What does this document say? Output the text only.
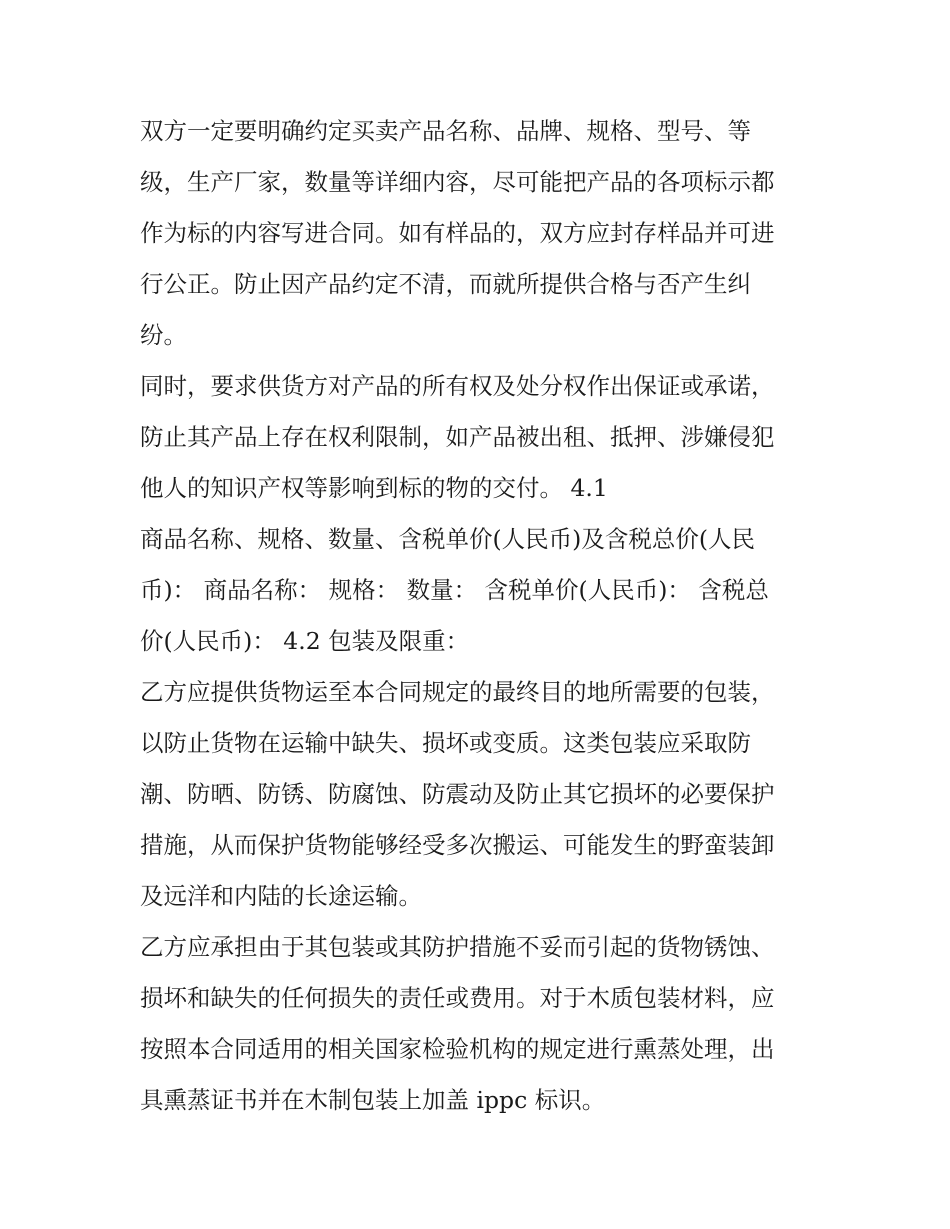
双方一定要明确约定买卖产品名称、品牌、规格、型号、等
级，生产厂家，数量等详细内容，尽可能把产品的各项标示都
作为标的内容写进合同。如有样品的，双方应封存样品并可进
行公正。防止因产品约定不清，而就所提供合格与否产生纠
纷。
同时，要求供货方对产品的所有权及处分权作出保证或承诺，
防止其产品上存在权利限制，如产品被出租、抵押、涉嫌侵犯
他人的知识产权等影响到标的物的交付。 4.1
商品名称、规格、数量、含税单价(人民币)及含税总价(人民
币)： 商品名称： 规格： 数量： 含税单价(人民币)： 含税总
价(人民币)： 4.2 包装及限重：
乙方应提供货物运至本合同规定的最终目的地所需要的包装，
以防止货物在运输中缺失、损坏或变质。这类包装应采取防
潮、防晒、防锈、防腐蚀、防震动及防止其它损坏的必要保护
措施，从而保护货物能够经受多次搬运、可能发生的野蛮装卸
及远洋和内陆的长途运输。
乙方应承担由于其包装或其防护措施不妥而引起的货物锈蚀、
损坏和缺失的任何损失的责任或费用。对于木质包装材料，应
按照本合同适用的相关国家检验机构的规定进行熏蒸处理，出
具熏蒸证书并在木制包装上加盖 ippc 标识。
